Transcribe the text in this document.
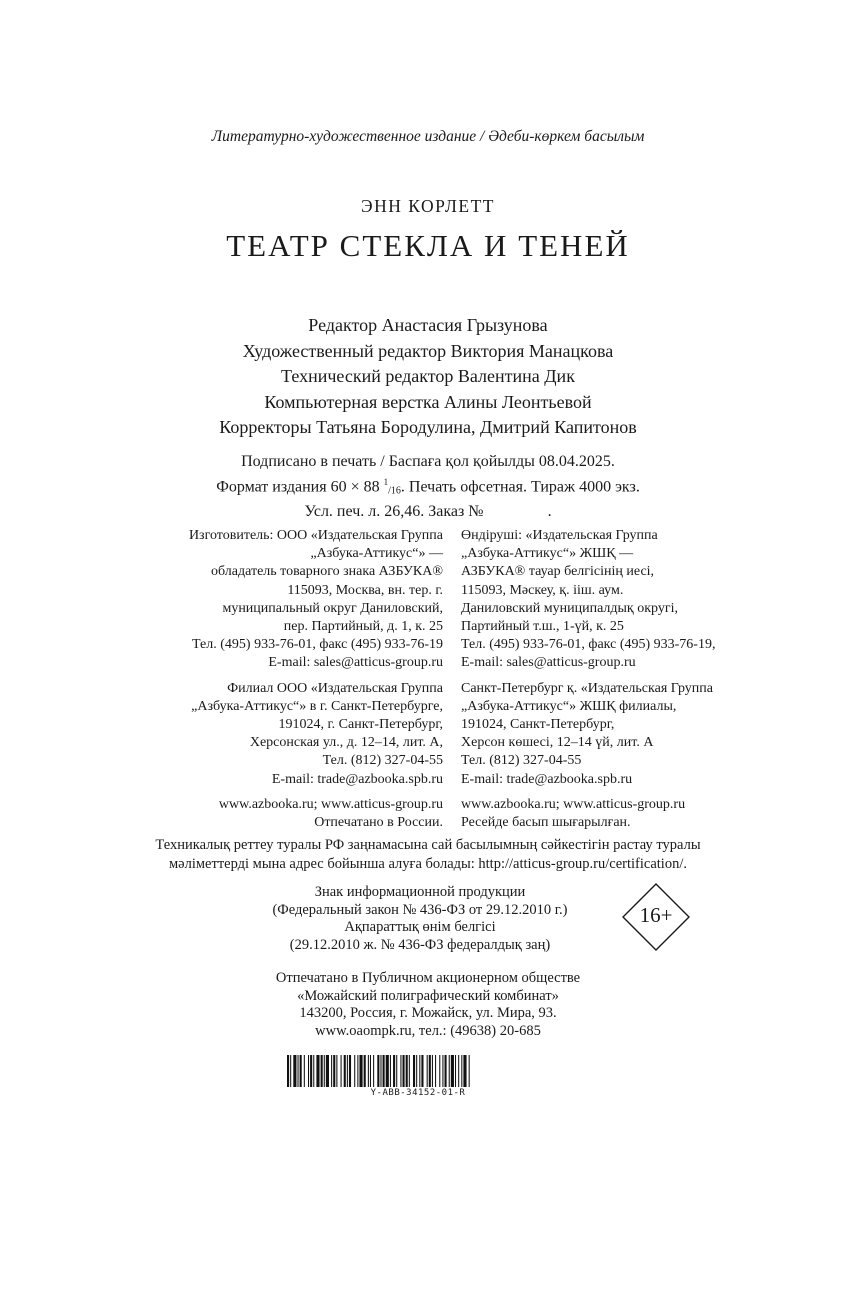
Литературно-художественное издание / Әдеби-көркем басылым
ЭНН КОРЛЕТТ
ТЕАТР СТЕКЛА И ТЕНЕЙ
Редактор Анастасия Грызунова
Художественный редактор Виктория Манацкова
Технический редактор Валентина Дик
Компьютерная верстка Алины Леонтьевой
Корректоры Татьяна Бородулина, Дмитрий Капитонов
Подписано в печать / Баспаға қол қойылды 08.04.2025.
Формат издания 60 × 88 $^1$/16. Печать офсетная. Тираж 4000 экз.
Усл. печ. л. 26,46. Заказ №                .
Изготовитель: ООО «Издательская Группа
„Азбука-Аттикус“» —
обладатель товарного знака АЗБУКА®
115093, Москва, вн. тер. г.
муниципальный округ Даниловский,
пер. Партийный, д. 1, к. 25
Тел. (495) 933-76-01, факс (495) 933-76-19
E-mail: sales@atticus-group.ru
Филиал ООО «Издательская Группа
„Азбука-Аттикус“» в г. Санкт-Петербурге,
191024, г. Санкт-Петербург,
Херсонская ул., д. 12–14, лит. А,
Тел. (812) 327-04-55
E-mail: trade@azbooka.spb.ru
www.azbooka.ru; www.atticus-group.ru
Отпечатано в России.
Өндіруші: «Издательская Группа
„Азбука-Аттикус“» ЖШҚ —
АЗБУКА® тауар белгісінің иесі,
115093, Мәскеу, қ. ііш. аум.
Даниловский муниципалдық округі,
Партийный т.ш., 1-үй, к. 25
Тел. (495) 933-76-01, факс (495) 933-76-19,
E-mail: sales@atticus-group.ru
Санкт-Петербург қ. «Издательская Группа
„Азбука-Аттикус“» ЖШҚ филиалы,
191024, Санкт-Петербург,
Херсон көшесі, 12–14 үй, лит. А
Тел. (812) 327-04-55
E-mail: trade@azbooka.spb.ru
www.azbooka.ru; www.atticus-group.ru
Ресейде басып шығарылған.
Техникалық реттеу туралы РФ заңнамасына сай басылымның сәйкестігін растау туралы
мәліметтерді мына адрес бойынша алуға болады: http://atticus-group.ru/certification/.
Знак информационной продукции
(Федеральный закон № 436-ФЗ от 29.12.2010 г.)
Ақпараттық өнім белгісі
(29.12.2010 ж. № 436-ФЗ федералдық заң)
16+
Отпечатано в Публичном акционерном обществе
«Можайский полиграфический комбинат»
143200, Россия, г. Можайск, ул. Мира, 93.
www.oaompk.ru, тел.: (49638) 20-685
Y-ABB-34152-01-R
